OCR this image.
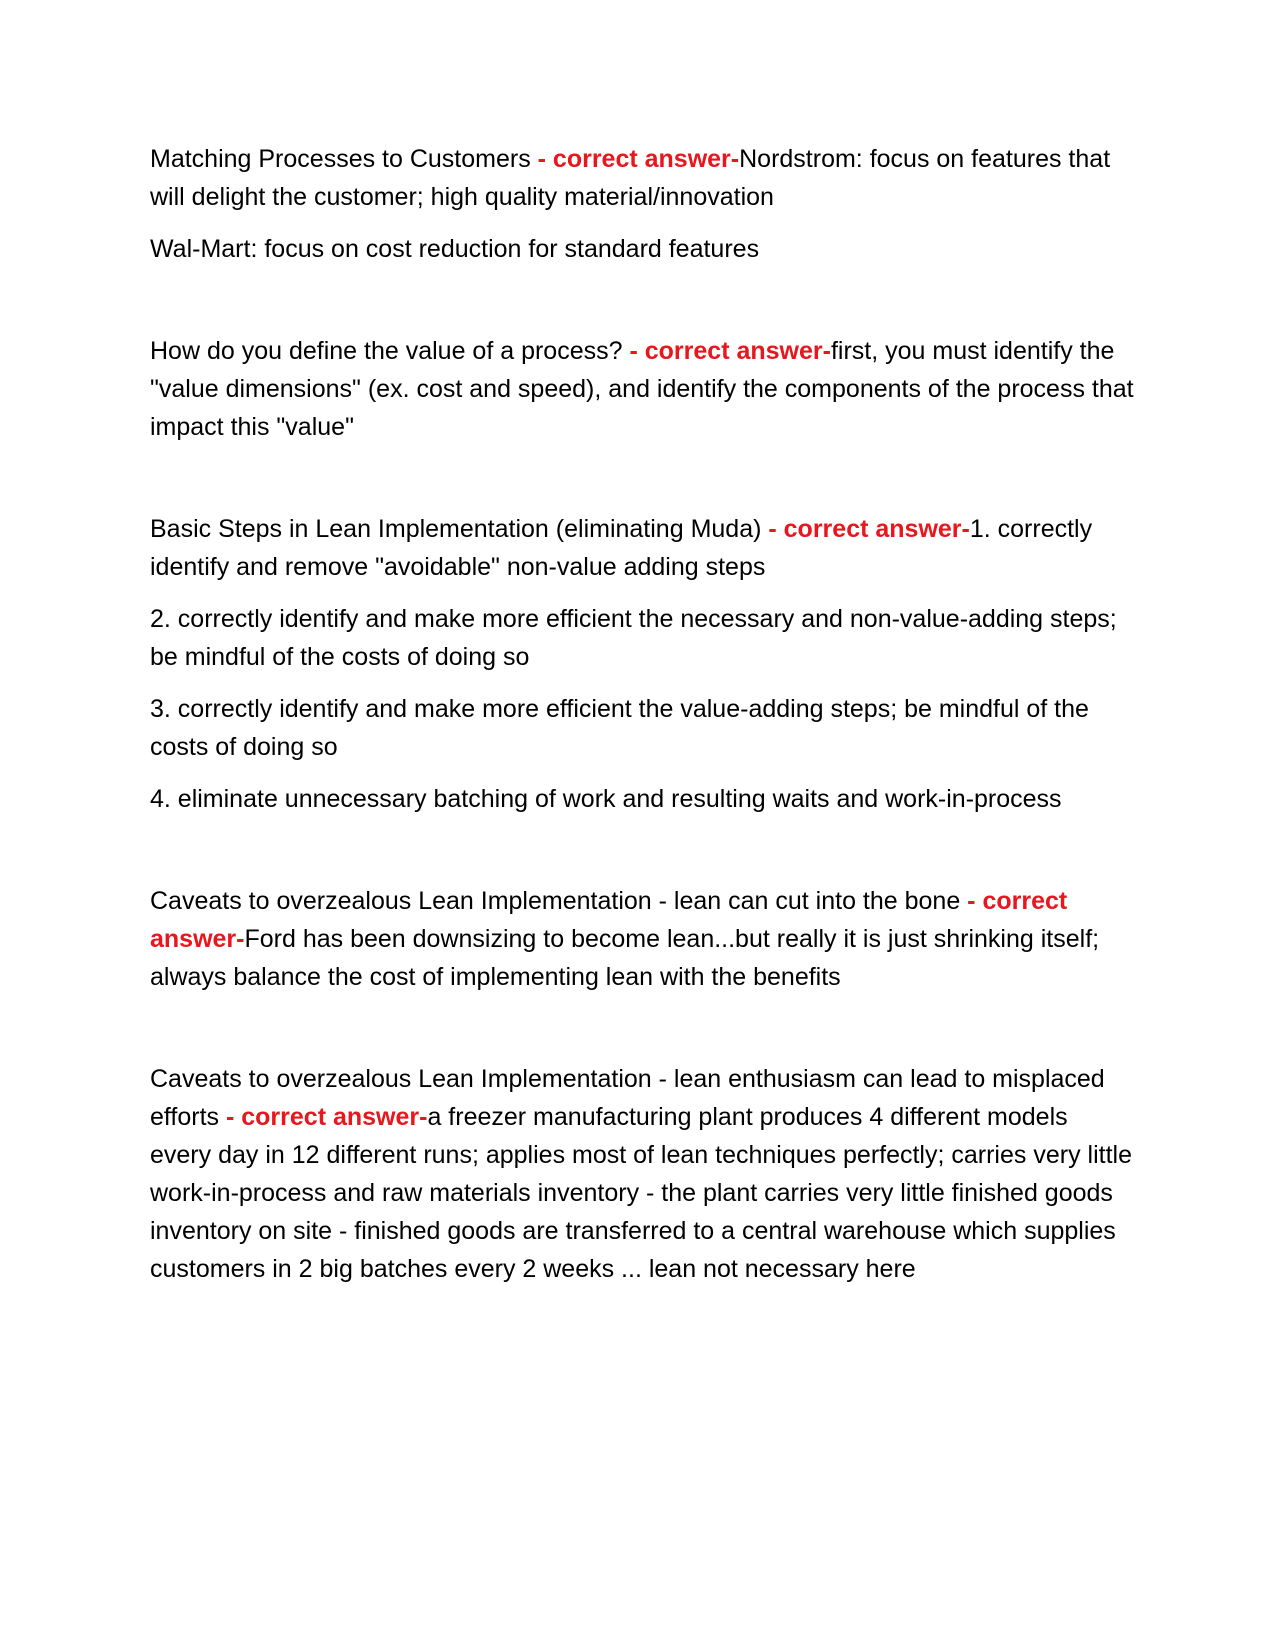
Matching Processes to Customers - correct answer-Nordstrom: focus on features that will delight the customer; high quality material/innovation

Wal-Mart: focus on cost reduction for standard features

How do you define the value of a process? - correct answer-first, you must identify the "value dimensions" (ex. cost and speed), and identify the components of the process that impact this "value"

Basic Steps in Lean Implementation (eliminating Muda) - correct answer-1. correctly identify and remove "avoidable" non-value adding steps

2. correctly identify and make more efficient the necessary and non-value-adding steps; be mindful of the costs of doing so

3. correctly identify and make more efficient the value-adding steps; be mindful of the costs of doing so

4. eliminate unnecessary batching of work and resulting waits and work-in-process

Caveats to overzealous Lean Implementation - lean can cut into the bone - correct answer-Ford has been downsizing to become lean...but really it is just shrinking itself; always balance the cost of implementing lean with the benefits

Caveats to overzealous Lean Implementation - lean enthusiasm can lead to misplaced efforts - correct answer-a freezer manufacturing plant produces 4 different models every day in 12 different runs; applies most of lean techniques perfectly; carries very little work-in-process and raw materials inventory - the plant carries very little finished goods inventory on site - finished goods are transferred to a central warehouse which supplies customers in 2 big batches every 2 weeks ... lean not necessary here
